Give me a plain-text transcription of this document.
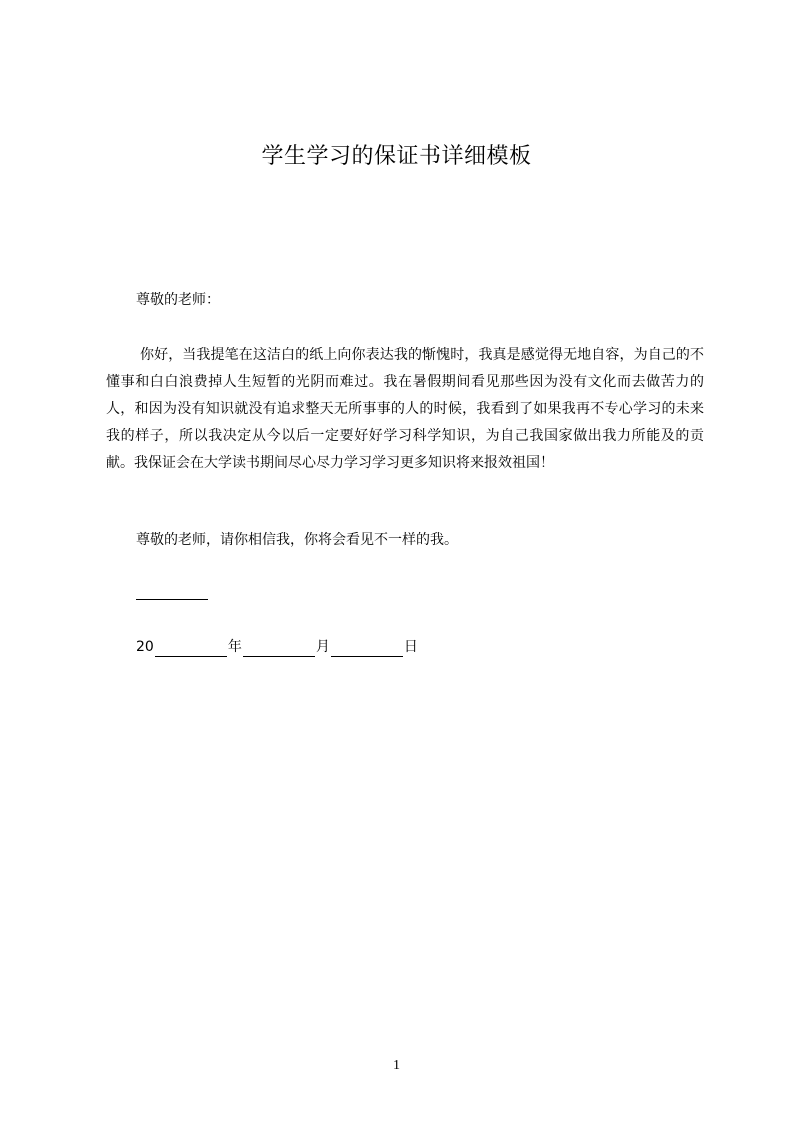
学生学习的保证书详细模板
尊敬的老师：

你好，当我提笔在这洁白的纸上向你表达我的惭愧时，我真是感觉得无地自容，为自己的不懂事和白白浪费掉人生短暂的光阴而难过。我在暑假期间看见那些因为没有文化而去做苦力的人，和因为没有知识就没有追求整天无所事事的人的时候，我看到了如果我再不专心学习的未来我的样子，所以我决定从今以后一定要好好学习科学知识，为自己我国家做出我力所能及的贡献。我保证会在大学读书期间尽心尽力学习学习更多知识将来报效祖国！

尊敬的老师，请你相信我，你将会看见不一样的我。
20	年	月	日
1
